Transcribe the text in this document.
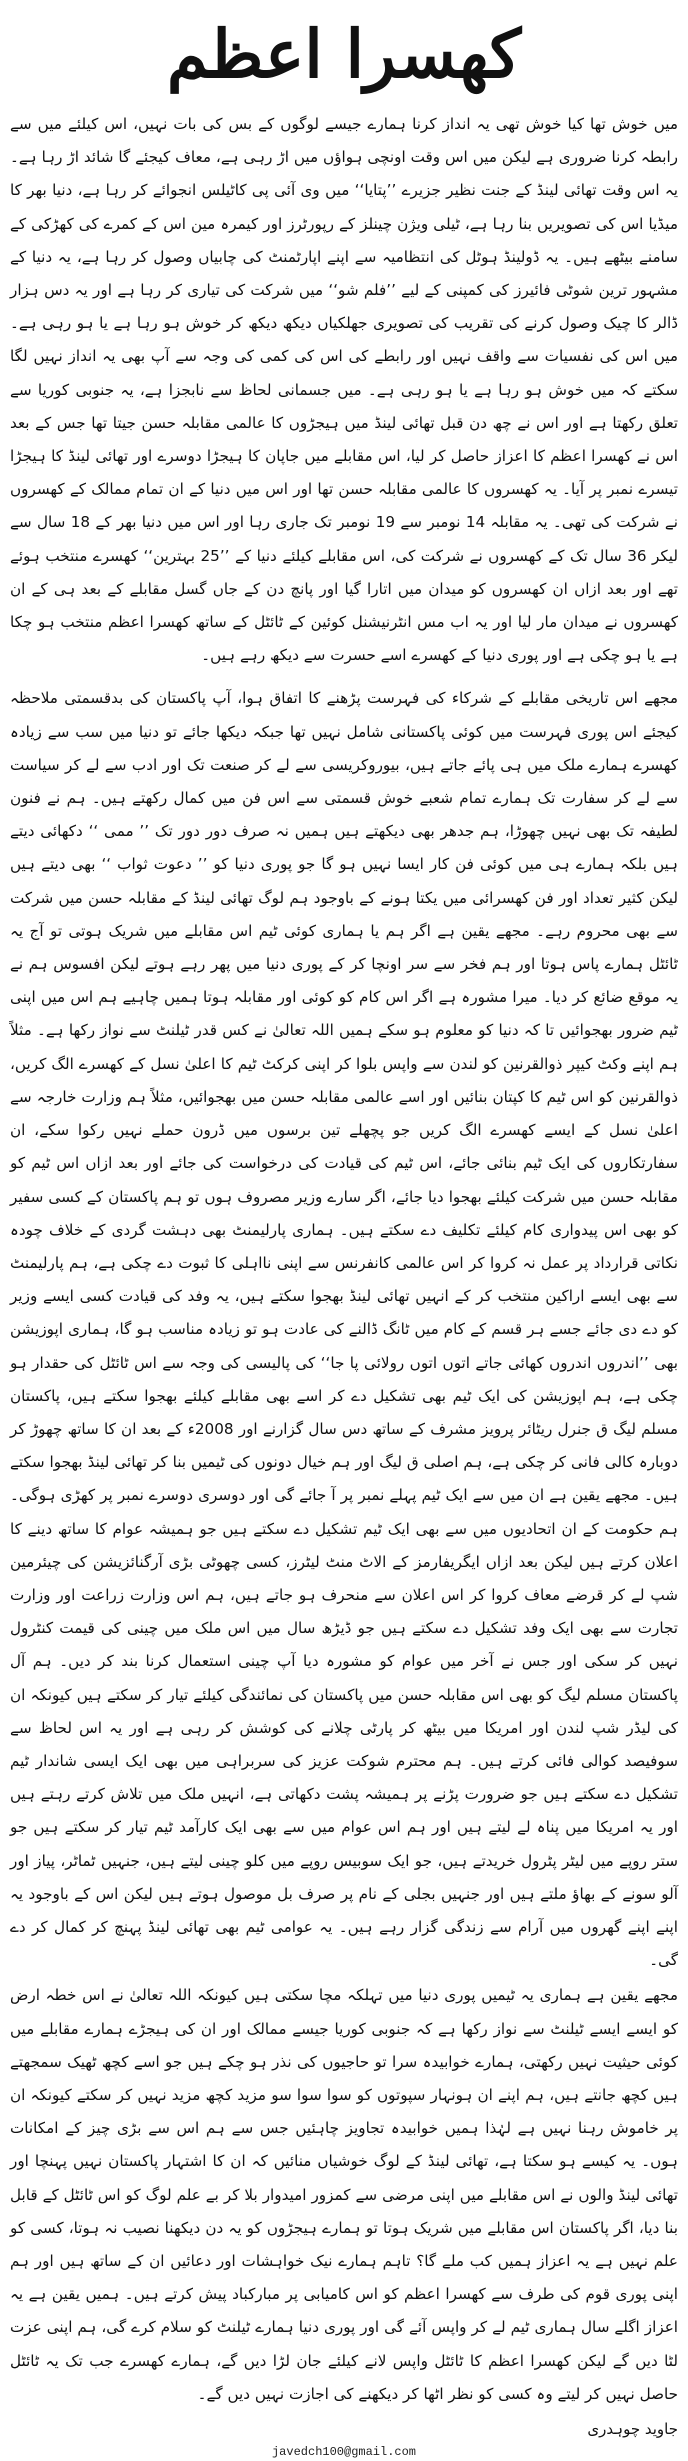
کھسرا اعظم

میں خوش تھا کیا خوش تھی یہ انداز کرنا ہمارے جیسے لوگوں کے بس کی بات نہیں، اس کیلئے میں سے رابطہ کرنا ضروری ہے لیکن میں اس وقت اونچی ہواؤں میں اڑ رہی ہے، معاف کیجئے گا شائد اڑ رہا ہے۔ یہ اس وقت تھائی لینڈ کے جنت نظیر جزیرے ’’پتایا‘‘ میں وی آئی پی کاٹیلس انجوائے کر رہا ہے، دنیا بھر کا میڈیا اس کی تصویریں بنا رہا ہے، ٹیلی ویژن چینلز کے رپورٹرز اور کیمرہ مین اس کے کمرے کی کھڑکی کے سامنے بیٹھے ہیں۔ یہ ڈولینڈ ہوٹل کی انتظامیہ سے اپنے اپارٹمنٹ کی چابیاں وصول کر رہا ہے، یہ دنیا کے مشہور ترین شوٹی فائیرز کی کمپنی کے لیے ’’فلم شو‘‘ میں شرکت کی تیاری کر رہا ہے اور یہ دس ہزار ڈالر کا چیک وصول کرنے کی تقریب کی تصویری جھلکیاں دیکھ دیکھ کر خوش ہو رہا ہے یا ہو رہی ہے۔ میں اس کی نفسیات سے واقف نہیں اور رابطے کی اس کی کمی کی وجہ سے آپ بھی یہ انداز نہیں لگا سکتے کہ میں خوش ہو رہا ہے یا ہو رہی ہے۔ میں جسمانی لحاظ سے نابجزا ہے، یہ جنوبی کوریا سے تعلق رکھتا ہے اور اس نے چھ دن قبل تھائی لینڈ میں ہیجڑوں کا عالمی مقابلہ حسن جیتا تھا جس کے بعد اس نے کھسرا اعظم کا اعزاز حاصل کر لیا، اس مقابلے میں جاپان کا ہیجڑا دوسرے اور تھائی لینڈ کا ہیجڑا تیسرے نمبر پر آیا۔ یہ کھسروں کا عالمی مقابلہ حسن تھا اور اس میں دنیا کے ان تمام ممالک کے کھسروں نے شرکت کی تھی۔ یہ مقابلہ 14 نومبر سے 19 نومبر تک جاری رہا اور اس میں دنیا بھر کے 18 سال سے لیکر 36 سال تک کے کھسروں نے شرکت کی، اس مقابلے کیلئے دنیا کے ’’25 بہترین‘‘ کھسرے منتخب ہوئے تھے اور بعد ازاں ان کھسروں کو میدان میں اتارا گیا اور پانچ دن کے جاں گسل مقابلے کے بعد ہی کے ان کھسروں نے میدان مار لیا اور یہ اب مس انٹرنیشنل کوئین کے ٹائٹل کے ساتھ کھسرا اعظم منتخب ہو چکا ہے یا ہو چکی ہے اور پوری دنیا کے کھسرے اسے حسرت سے دیکھ رہے ہیں۔

مجھے اس تاریخی مقابلے کے شرکاء کی فہرست پڑھنے کا اتفاق ہوا، آپ پاکستان کی بدقسمتی ملاحظہ کیجئے اس پوری فہرست میں کوئی پاکستانی شامل نہیں تھا جبکہ دیکھا جائے تو دنیا میں سب سے زیادہ کھسرے ہمارے ملک میں ہی پائے جاتے ہیں، بیوروکریسی سے لے کر صنعت تک اور ادب سے لے کر سیاست سے لے کر سفارت تک ہمارے تمام شعبے خوش قسمتی سے اس فن میں کمال رکھتے ہیں۔ ہم نے فنون لطیفہ تک بھی نہیں چھوڑا، ہم جدھر بھی دیکھتے ہیں ہمیں نہ صرف دور دور تک ’’ ممی ‘‘ دکھائی دیتے ہیں بلکہ ہمارے ہی میں کوئی فن کار ایسا نہیں ہو گا جو پوری دنیا کو ’’ دعوت ثواب ‘‘ بھی دیتے ہیں لیکن کثیر تعداد اور فن کھسرائی میں یکتا ہونے کے باوجود ہم لوگ تھائی لینڈ کے مقابلہ حسن میں شرکت سے بھی محروم رہے۔ مجھے یقین ہے اگر ہم یا ہماری کوئی ٹیم اس مقابلے میں شریک ہوتی تو آج یہ ٹائٹل ہمارے پاس ہوتا اور ہم فخر سے سر اونچا کر کے پوری دنیا میں پھر رہے ہوتے لیکن افسوس ہم نے یہ موقع ضائع کر دیا۔ میرا مشورہ ہے اگر اس کام کو کوئی اور مقابلہ ہوتا ہمیں چاہیے ہم اس میں اپنی ٹیم ضرور بھجوائیں تا کہ دنیا کو معلوم ہو سکے ہمیں اللہ تعالیٰ نے کس قدر ٹیلنٹ سے نواز رکھا ہے۔ مثلاً ہم اپنے وکٹ کیپر ذوالقرنین کو لندن سے واپس بلوا کر اپنی کرکٹ ٹیم کا اعلیٰ نسل کے کھسرے الگ کریں، ذوالقرنین کو اس ٹیم کا کپتان بنائیں اور اسے عالمی مقابلہ حسن میں بھجوائیں، مثلاً ہم وزارت خارجہ سے اعلیٰ نسل کے ایسے کھسرے الگ کریں جو پچھلے تین برسوں میں ڈرون حملے نہیں رکوا سکے، ان سفارتکاروں کی ایک ٹیم بنائی جائے، اس ٹیم کی قیادت کی درخواست کی جائے اور بعد ازاں اس ٹیم کو مقابلہ حسن میں شرکت کیلئے بھجوا دیا جائے، اگر سارے وزیر مصروف ہوں تو ہم پاکستان کے کسی سفیر کو بھی اس پیدواری کام کیلئے تکلیف دے سکتے ہیں۔ ہماری پارلیمنٹ بھی دہشت گردی کے خلاف چودہ نکاتی قرارداد پر عمل نہ کروا کر اس عالمی کانفرنس سے اپنی نااہلی کا ثبوت دے چکی ہے، ہم پارلیمنٹ سے بھی ایسے اراکین منتخب کر کے انہیں تھائی لینڈ بھجوا سکتے ہیں، یہ وفد کی قیادت کسی ایسے وزیر کو دے دی جائے جسے ہر قسم کے کام میں ٹانگ ڈالنے کی عادت ہو تو زیادہ مناسب ہو گا، ہماری اپوزیشن بھی ’’اندروں اندروں کھائی جاتے اتوں اتوں رولائی پا جا‘‘ کی پالیسی کی وجہ سے اس ٹائٹل کی حقدار ہو چکی ہے، ہم اپوزیشن کی ایک ٹیم بھی تشکیل دے کر اسے بھی مقابلے کیلئے بھجوا سکتے ہیں، پاکستان مسلم لیگ ق جنرل ریٹائر پرویز مشرف کے ساتھ دس سال گزارنے اور 2008ء کے بعد ان کا ساتھ چھوڑ کر دوبارہ کالی فانی کر چکی ہے، ہم اصلی ق لیگ اور ہم خیال دونوں کی ٹیمیں بنا کر تھائی لینڈ بھجوا سکتے ہیں۔ مجھے یقین ہے ان میں سے ایک ٹیم پہلے نمبر پر آ جائے گی اور دوسری دوسرے نمبر پر کھڑی ہوگی۔ ہم حکومت کے ان اتحادیوں میں سے بھی ایک ٹیم تشکیل دے سکتے ہیں جو ہمیشہ عوام کا ساتھ دینے کا اعلان کرتے ہیں لیکن بعد ازاں ایگریفارمز کے الاٹ منٹ لیٹرز، کسی چھوٹی بڑی آرگنائزیشن کی چیئرمین شپ لے کر قرضے معاف کروا کر اس اعلان سے منحرف ہو جاتے ہیں، ہم اس وزارت زراعت اور وزارت تجارت سے بھی ایک وفد تشکیل دے سکتے ہیں جو ڈیڑھ سال میں اس ملک میں چینی کی قیمت کنٹرول نہیں کر سکی اور جس نے آخر میں عوام کو مشورہ دیا آپ چینی استعمال کرنا بند کر دیں۔ ہم آل پاکستان مسلم لیگ کو بھی اس مقابلہ حسن میں پاکستان کی نمائندگی کیلئے تیار کر سکتے ہیں کیونکہ ان کی لیڈر شپ لندن اور امریکا میں بیٹھ کر پارٹی چلانے کی کوشش کر رہی ہے اور یہ اس لحاظ سے سوفیصد کوالی فائی کرتے ہیں۔ ہم محترم شوکت عزیز کی سربراہی میں بھی ایک ایسی شاندار ٹیم تشکیل دے سکتے ہیں جو ضرورت پڑنے پر ہمیشہ پشت دکھاتی ہے، انہیں ملک میں تلاش کرتے رہتے ہیں اور یہ امریکا میں پناہ لے لیتے ہیں اور ہم اس عوام میں سے بھی ایک کارآمد ٹیم تیار کر سکتے ہیں جو ستر روپے میں لیٹر پٹرول خریدتے ہیں، جو ایک سوبیس روپے میں کلو چینی لیتے ہیں، جنہیں ٹماٹر، پیاز اور آلو سونے کے بھاؤ ملتے ہیں اور جنہیں بجلی کے نام پر صرف بل موصول ہوتے ہیں لیکن اس کے باوجود یہ اپنے اپنے گھروں میں آرام سے زندگی گزار رہے ہیں۔ یہ عوامی ٹیم بھی تھائی لینڈ پہنچ کر کمال کر دے گی۔

مجھے یقین ہے ہماری یہ ٹیمیں پوری دنیا میں تہلکہ مچا سکتی ہیں کیونکہ اللہ تعالیٰ نے اس خطہ ارض کو ایسے ایسے ٹیلنٹ سے نواز رکھا ہے کہ جنوبی کوریا جیسے ممالک اور ان کی ہیجڑے ہمارے مقابلے میں کوئی حیثیت نہیں رکھتی، ہمارے خوابیدہ سرا تو حاجیوں کی نذر ہو چکے ہیں جو اسے کچھ ٹھیک سمجھتے ہیں کچھ جانتے ہیں، ہم اپنے ان ہونہار سپوتوں کو سوا سوا سو مزید کچھ مزید نہیں کر سکتے کیونکہ ان پر خاموش رہنا نہیں ہے لہٰذا ہمیں خوابیدہ تجاویز چاہئیں جس سے ہم اس سے بڑی چیز کے امکانات ہوں۔ یہ کیسے ہو سکتا ہے، تھائی لینڈ کے لوگ خوشیاں منائیں کہ ان کا اشتہار پاکستان نہیں پہنچا اور تھائی لینڈ والوں نے اس مقابلے میں اپنی مرضی سے کمزور امیدوار بلا کر بے علم لوگ کو اس ٹائٹل کے قابل بنا دیا، اگر پاکستان اس مقابلے میں شریک ہوتا تو ہمارے ہیجڑوں کو یہ دن دیکھنا نصیب نہ ہوتا، کسی کو علم نہیں ہے یہ اعزاز ہمیں کب ملے گا؟ تاہم ہمارے نیک خواہشات اور دعائیں ان کے ساتھ ہیں اور ہم اپنی پوری قوم کی طرف سے کھسرا اعظم کو اس کامیابی پر مبارکباد پیش کرتے ہیں۔ ہمیں یقین ہے یہ اعزاز اگلے سال ہماری ٹیم لے کر واپس آئے گی اور پوری دنیا ہمارے ٹیلنٹ کو سلام کرے گی، ہم اپنی عزت لٹا دیں گے لیکن کھسرا اعظم کا ٹائٹل واپس لانے کیلئے جان لڑا دیں گے، ہمارے کھسرے جب تک یہ ٹائٹل حاصل نہیں کر لیتے وہ کسی کو نظر اٹھا کر دیکھنے کی اجازت نہیں دیں گے۔

جاوید چوہدری
javedch100@gmail.com
